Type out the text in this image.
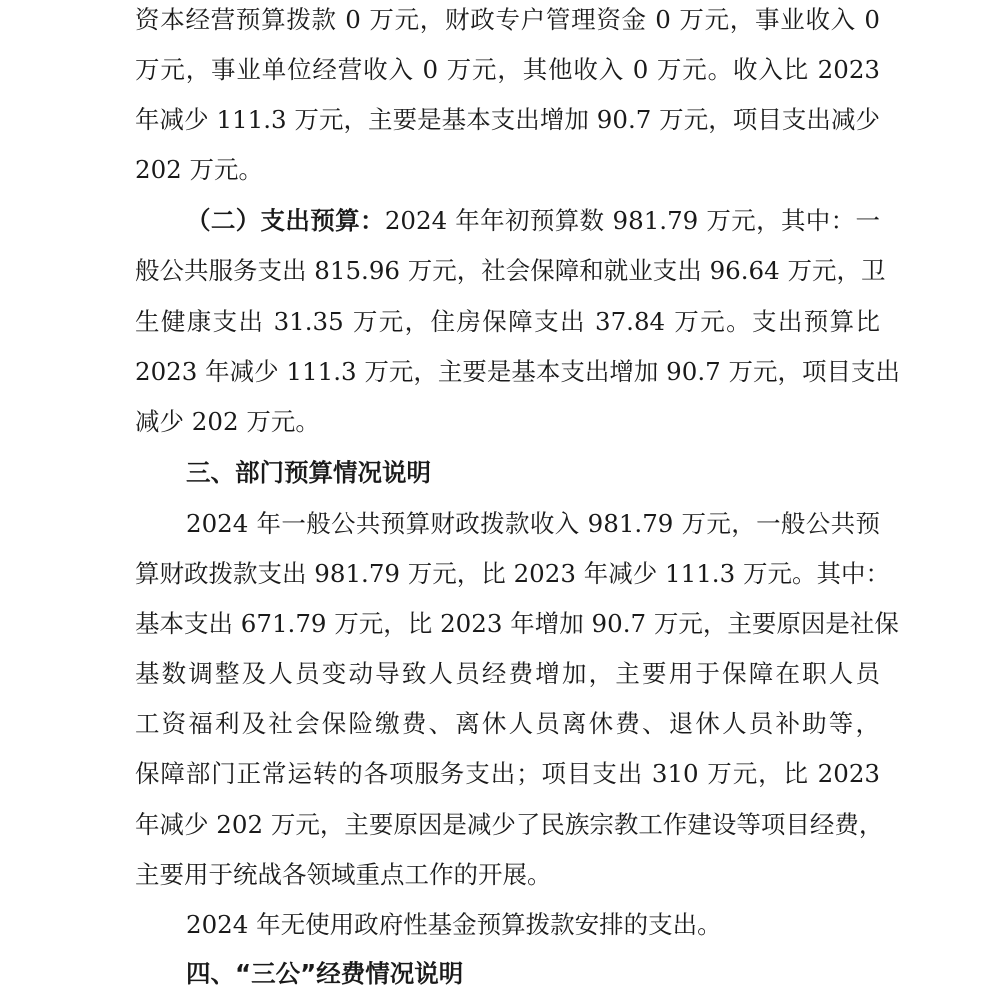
资本经营预算拨款 0 万元，财政专户管理资金 0 万元，事业收入 0
万元，事业单位经营收入 0 万元，其他收入 0 万元。收入比 2023
年减少 111.3 万元，主要是基本支出增加 90.7 万元，项目支出减少
202 万元。
（二）支出预算：2024 年年初预算数 981.79 万元，其中：一
般公共服务支出 815.96 万元，社会保障和就业支出 96.64 万元，卫
生健康支出 31.35 万元，住房保障支出 37.84 万元。支出预算比
2023 年减少 111.3 万元，主要是基本支出增加 90.7 万元，项目支出
减少 202 万元。
三、部门预算情况说明
2024 年一般公共预算财政拨款收入 981.79 万元，一般公共预
算财政拨款支出 981.79 万元，比 2023 年减少 111.3 万元。其中：
基本支出 671.79 万元，比 2023 年增加 90.7 万元，主要原因是社保
基数调整及人员变动导致人员经费增加，主要用于保障在职人员
工资福利及社会保险缴费、离休人员离休费、退休人员补助等，
保障部门正常运转的各项服务支出；项目支出 310 万元，比 2023
年减少 202 万元，主要原因是减少了民族宗教工作建设等项目经费，
主要用于统战各领域重点工作的开展。
2024 年无使用政府性基金预算拨款安排的支出。
四、“三公”经费情况说明
